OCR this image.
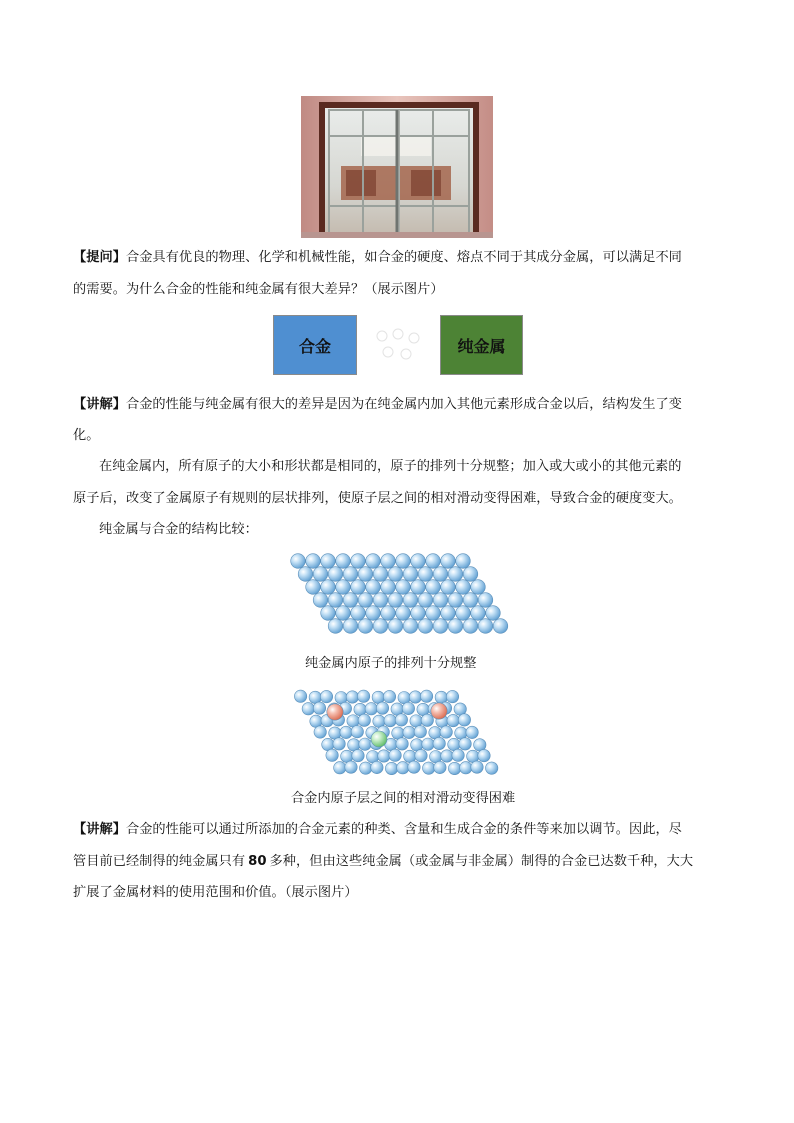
【提问】合金具有优良的物理、化学和机械性能，如合金的硬度、熔点不同于其成分金属，可以满足不同
的需要。为什么合金的性能和纯金属有很大差异？（展示图片）
合金	纯金属
【讲解】合金的性能与纯金属有很大的差异是因为在纯金属内加入其他元素形成合金以后，结构发生了变
化。
在纯金属内，所有原子的大小和形状都是相同的，原子的排列十分规整；加入或大或小的其他元素的
原子后，改变了金属原子有规则的层状排列，使原子层之间的相对滑动变得困难，导致合金的硬度变大。
纯金属与合金的结构比较：
纯金属内原子的排列十分规整
合金内原子层之间的相对滑动变得困难
【讲解】合金的性能可以通过所添加的合金元素的种类、含量和生成合金的条件等来加以调节。因此，尽
管目前已经制得的纯金属只有 80 多种，但由这些纯金属（或金属与非金属）制得的合金已达数千种，大大
扩展了金属材料的使用范围和价值。（展示图片）
